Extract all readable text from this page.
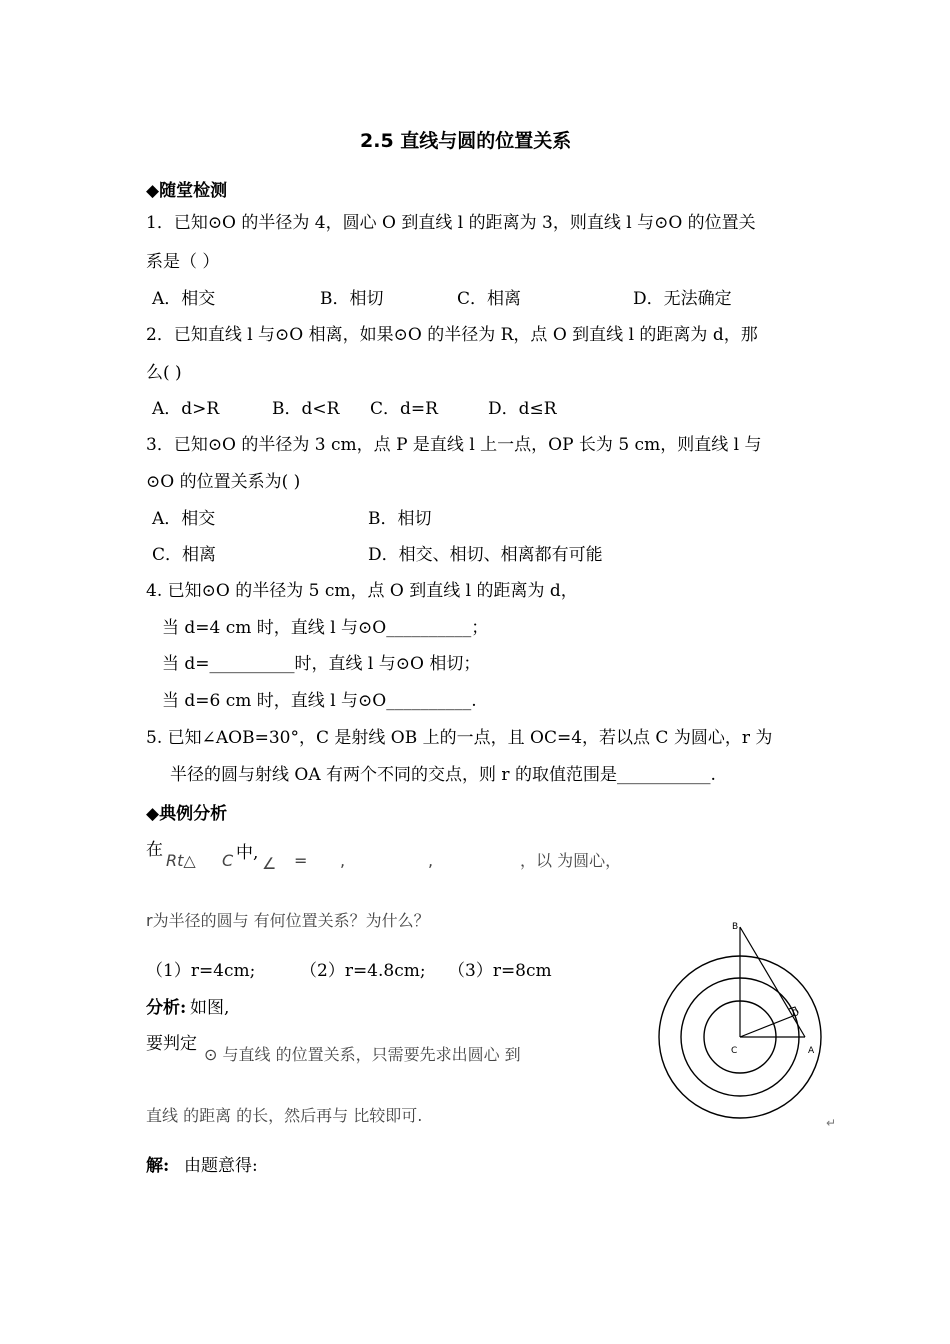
2.5 直线与圆的位置关系
◆随堂检测
1．已知⊙O 的半径为 4，圆心 O 到直线 l 的距离为 3，则直线 l 与⊙O 的位置关
系是（ ）
A．相交	B．相切	C．相离	D．无法确定
2．已知直线 l 与⊙O 相离，如果⊙O 的半径为 R，点 O 到直线 l 的距离为 d，那
么( )
A．d>R	B．d<R C．d=R	D．d≤R
3．已知⊙O 的半径为 3 cm，点 P 是直线 l 上一点，OP 长为 5 cm，则直线 l 与
⊙O 的位置关系为( )
A．相交	B．相切
C．相离	D．相交、相切、相离都有可能
4. 已知⊙O 的半径为 5 cm，点 O 到直线 l 的距离为 d，
当 d=4 cm 时，直线 l 与⊙O__________；
当 d=__________时，直线 l 与⊙O 相切；
当 d=6 cm 时，直线 l 与⊙O__________.
5. 已知∠AOB=30°，C 是射线 OB 上的一点，且 OC=4，若以点 C 为圆心，r 为
半径的圆与射线 OA 有两个不同的交点，则 r 的取值范围是___________.
◆典例分析
在
Rt△ C 中,
∠ = ,	,	，以 为圆心，
r为半径的圆与 有何位置关系？为什么？
（1）r=4cm;	（2）r=4.8cm; （3）r=8cm
分析: 如图,
要判定
⊙ 与直线 的位置关系，只需要先求出圆心 到
直线 的距离 的长，然后再与 比较即可.	↵
解: 由题意得:
B
D
C	A
